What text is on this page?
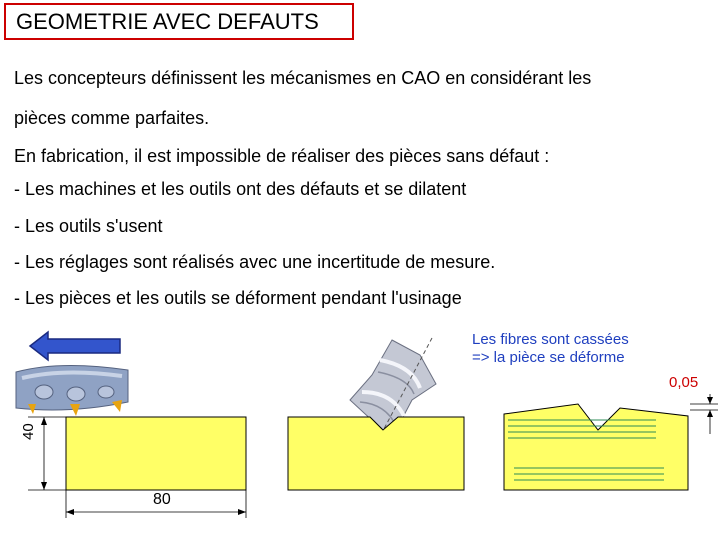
GEOMETRIE AVEC DEFAUTS
Les concepteurs définissent les mécanismes en CAO en considérant les
pièces comme parfaites.
En fabrication, il est impossible de réaliser des pièces sans défaut :
- Les machines et les outils ont des défauts et se dilatent
- Les outils s'usent
- Les réglages sont réalisés avec une incertitude de mesure.
- Les pièces et les outils se déforment pendant l'usinage
Les fibres sont cassées
=> la pièce se déforme
0,05
40
80
